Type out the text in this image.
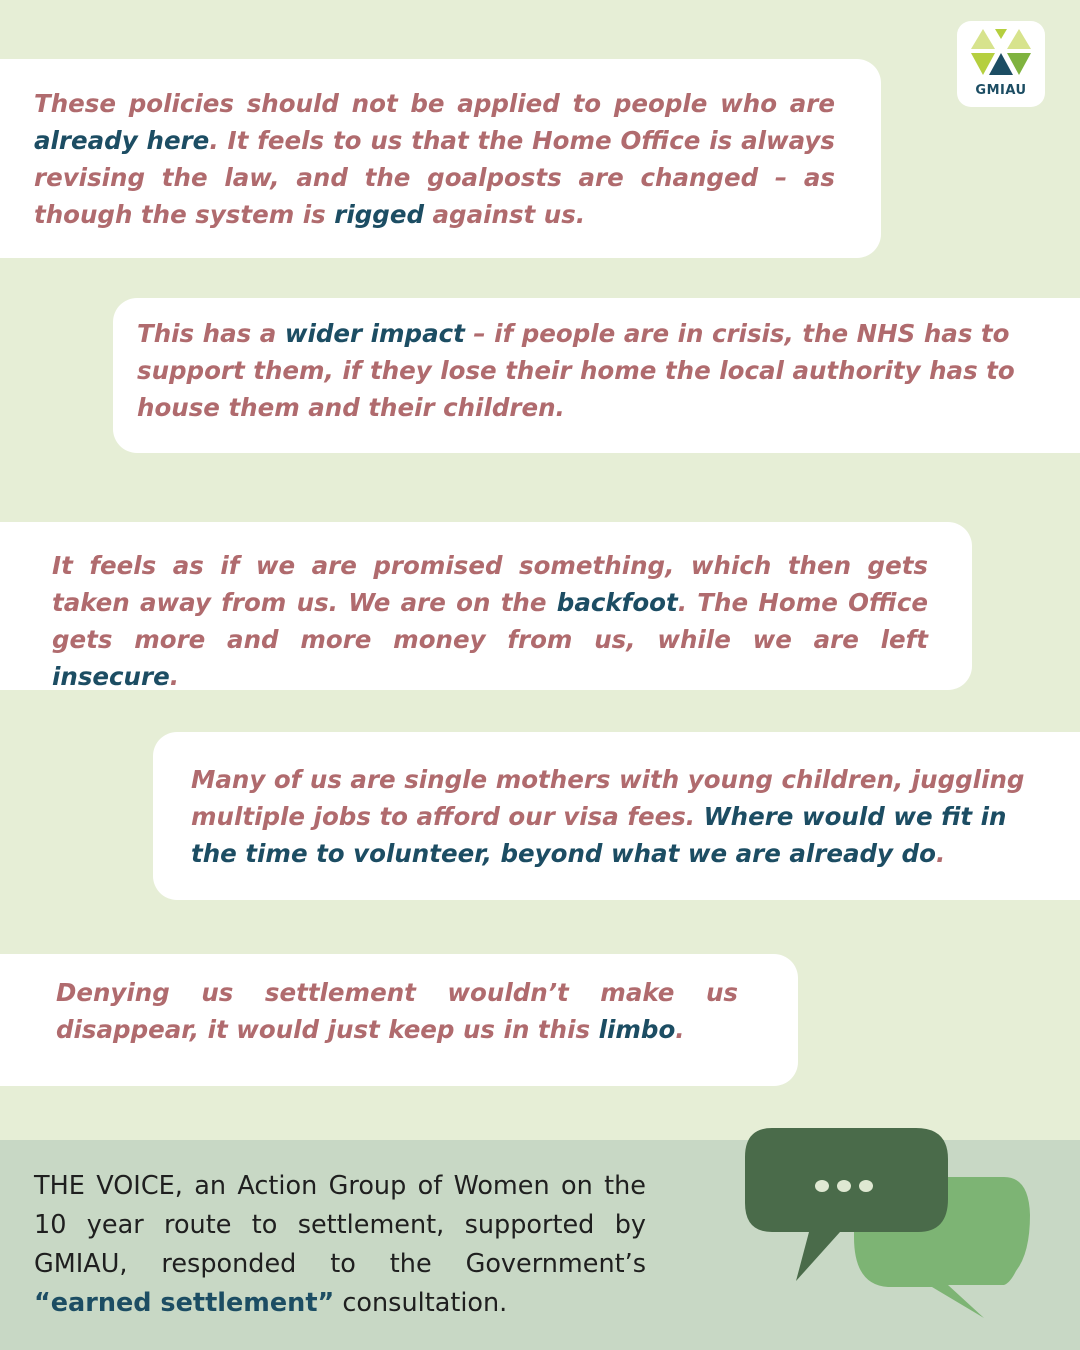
GMIAU

These policies should not be applied to people who are already here. It feels to us that the Home Office is always revising the law, and the goalposts are changed – as though the system is rigged against us.

This has a wider impact – if people are in crisis, the NHS has to support them, if they lose their home the local authority has to house them and their children.

It feels as if we are promised something, which then gets taken away from us. We are on the backfoot. The Home Office gets more and more money from us, while we are left insecure.

Many of us are single mothers with young children, juggling multiple jobs to afford our visa fees. Where would we fit in the time to volunteer, beyond what we are already do.

Denying us settlement wouldn’t make us disappear, it would just keep us in this limbo.

THE VOICE, an Action Group of Women on the 10 year route to settlement, supported by GMIAU, responded to the Government’s “earned settlement” consultation.
